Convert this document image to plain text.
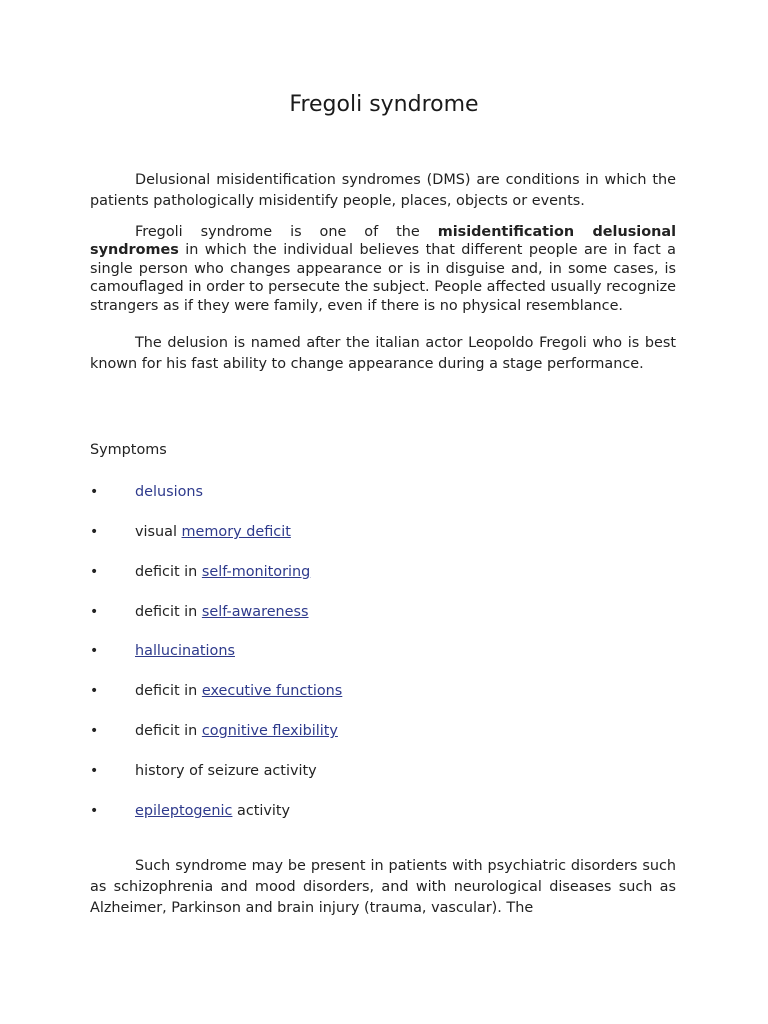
Fregoli syndrome
Delusional misidentification syndromes (DMS) are conditions in which the patients pathologically misidentify people, places, objects or events.
Fregoli syndrome is one of the misidentification delusional syndromes in which the individual believes that different people are in fact a single person who changes appearance or is in disguise and, in some cases, is camouflaged in order to persecute the subject. People affected usually recognize strangers as if they were family, even if there is no physical resemblance.
The delusion is named after the italian actor Leopoldo Fregoli who is best known for his fast ability to change appearance during a stage performance.
Symptoms
•	delusions
•	visual memory deficit
•	deficit in self-monitoring
•	deficit in self-awareness
•	hallucinations
•	deficit in executive functions
•	deficit in cognitive flexibility
•	history of seizure activity
•	epileptogenic activity
Such syndrome may be present in patients with psychiatric disorders such as schizophrenia and mood disorders, and with neurological diseases such as Alzheimer, Parkinson and brain injury (trauma, vascular). The
